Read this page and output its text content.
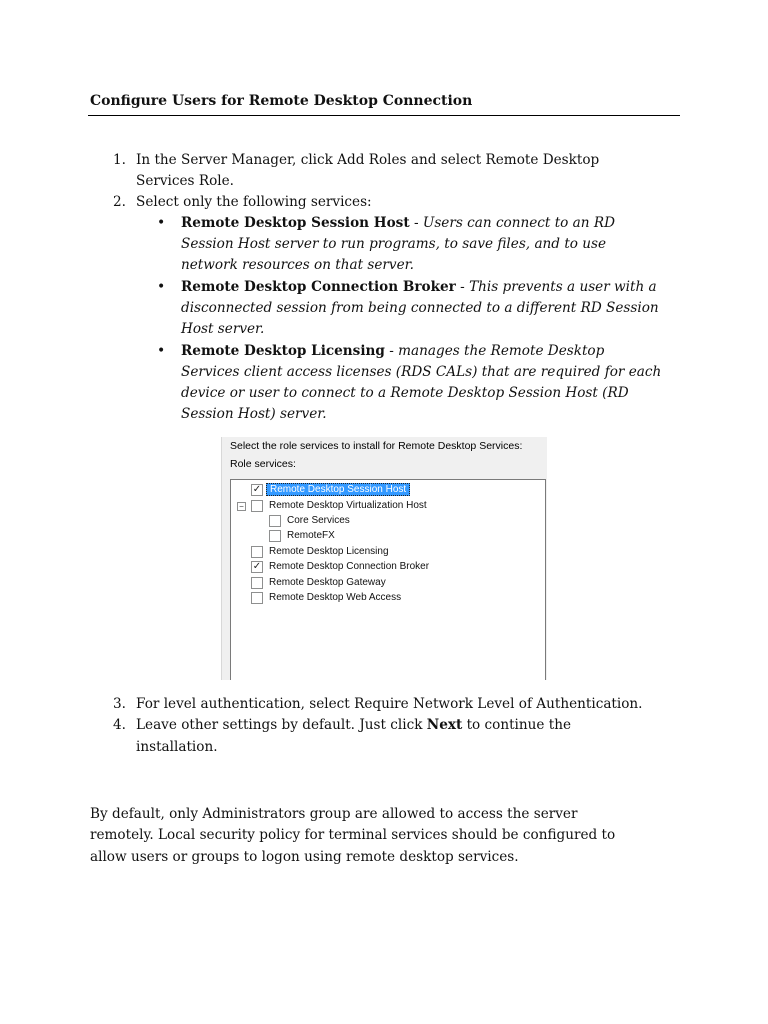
Configure Users for Remote Desktop Connection
1. In the Server Manager, click Add Roles and select Remote Desktop
Services Role.
2. Select only the following services:
• Remote Desktop Session Host - Users can connect to an RD
Session Host server to run programs, to save files, and to use
network resources on that server.
• Remote Desktop Connection Broker - This prevents a user with a
disconnected session from being connected to a different RD Session
Host server.
• Remote Desktop Licensing - manages the Remote Desktop
Services client access licenses (RDS CALs) that are required for each
device or user to connect to a Remote Desktop Session Host (RD
Session Host) server.
Select the role services to install for Remote Desktop Services:
Role services:
✓ Remote Desktop Session Host
−	Remote Desktop Virtualization Host
Core Services
RemoteFX
Remote Desktop Licensing
✓ Remote Desktop Connection Broker
Remote Desktop Gateway
Remote Desktop Web Access
3. For level authentication, select Require Network Level of Authentication.
4. Leave other settings by default. Just click Next to continue the
installation.
By default, only Administrators group are allowed to access the server
remotely. Local security policy for terminal services should be configured to
allow users or groups to logon using remote desktop services.
